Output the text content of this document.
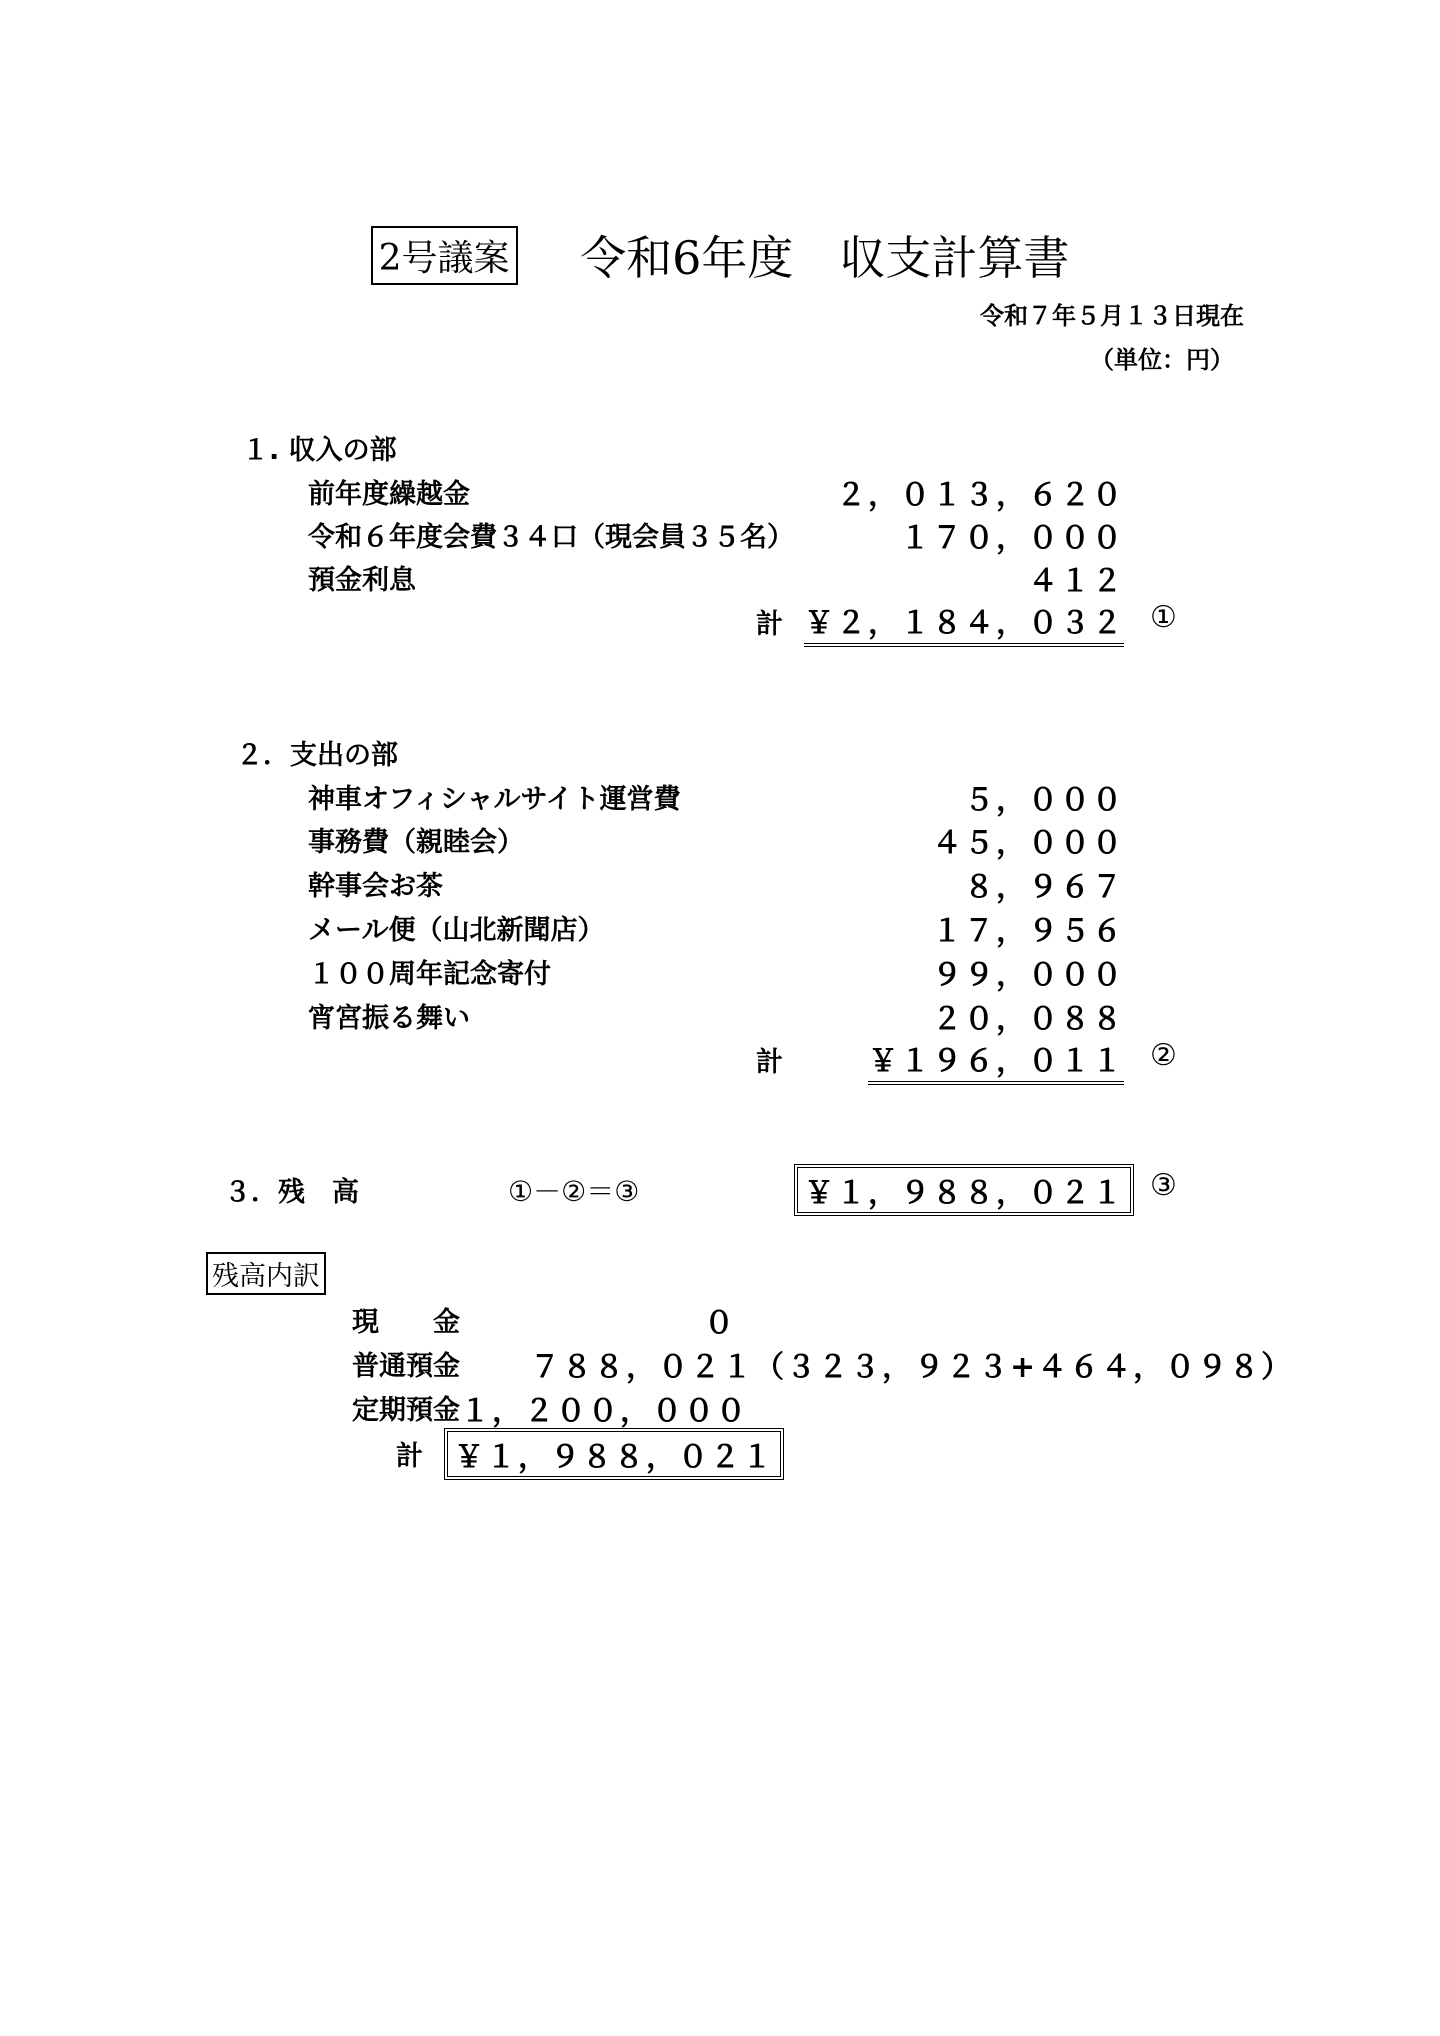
2号議案 令和6年度　収支計算書
令和７年５月１３日現在
（単位：円）
１. 収入の部
前年度繰越金	２，０１３，６２０
令和６年度会費３４口（現会員３５名）	１７０，０００
預金利息	４１２
計 ￥２，１８４，０３２ ①
２．支出の部
神車オフィシャルサイト運営費	５，０００
事務費（親睦会）	４５，０００
幹事会お茶	８，９６７
メール便（山北新聞店）	１７，９５６
１００周年記念寄付	９９，０００
宵宮振る舞い	２０，０８８
計	￥１９６，０１１ ②
３．残　高	①－②＝③	￥１，９８８，０２１ ③
残高内訳
現　　金	０
普通預金 ７８８，０２１（３２３，９２３+４６４，０９８）
定期預金 １，２００，０００
計	￥１，９８８，０２１
